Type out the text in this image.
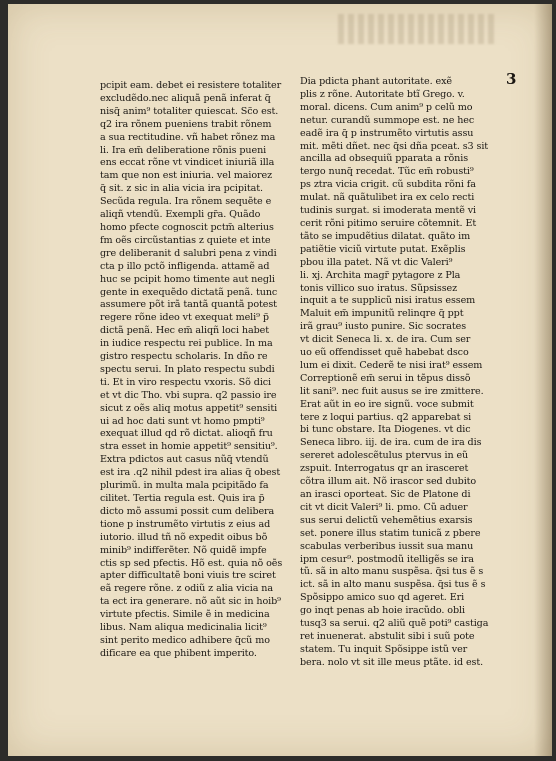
3
pcipit eam. debet ei resistere totaliter
excludẽdo.nec aliquã penã inferat q̃
nisq̃ anim⁹ totaliter quiescat. Sc̃o est.
q2 ira rõnem pueniens trabit rõnem
a sua rectitudine. vñ habet rõnez ma
li. Ira em̃ deliberatione rõnis pueni
ens eccat rõne vt vindicet iniuriã illa
tam que non est iniuria. vel maiorez
q̃ sit. z sic in alia vicia ira pcipitat.
Secũda regula. Ira rõnem sequẽte e
aliqñ vtendũ. Exempli gr̃a. Quãdo
homo pfecte cognoscit pctm̃ alterius
fm oẽs circũstantias z quiete et inte
gre deliberanit d salubri pena z vindi
cta p illo pctõ infligenda. attamẽ ad
huc se pcipit homo timente aut negli
gente in exequẽdo dictatã penã. tunc
assumere põt irã tantã quantã potest
regere rõne ideo vt exequat meli⁹ p̃
dictã penã. Hec em̃ aliqñ loci habet
in iudice respectu rei publice. In ma
gistro respectu scholaris. In dño re
spectu serui. In plato respectu subdi
ti. Et in viro respectu vxoris. Sõ dici
et vt dic Tho. vbi supra. q2 passio ire
sicut z oẽs aliq motus appetit⁹ sensiti
ui ad hoc dati sunt vt homo pmpti⁹
exequat illud qd rõ dictat. alioqñ fru
stra esset in homie appetit⁹ sensitiu⁹.
Extra pdictos aut casus nũq̃ vtendũ
est ira .q2 nihil pdest ira alias q̃ obest
plurimũ. in multa mala pcipitãdo fa
cilitet. Tertia regula est. Quis ira p̃
dicto mõ assumi possit cum delibera
tione p instrumẽto virtutis z eius ad
iutorio. illud tñ nõ expedit oibus bõ
minib⁹ indifferẽter. Nõ quidẽ impfe
ctis sp sed pfectis. Hõ est. quia nõ oẽs
apter difficultatẽ boni viuis tre sciret
eã regere rõne. z odiũ z alia vicia na
ta ect ira generare. nõ aũt sic in hoib⁹
virtute pfectis. Simile ẽ in medicina
libus. Nam aliqua medicinalia licit⁹
sint perito medico adhibere q̃cũ mo
dificare ea que phibent imperito.
Dia pdicta phant autoritate. exẽ
plis z rõne. Autoritate btĩ Grego. v.
moral. dicens. Cum anim⁹ p celũ mo
netur. curandũ summope est. ne hec
eadẽ ira q̃ p instrumẽto virtutis assu
mit. mẽti dñet. nec q̃si dña pceat. s3 sit
ancilla ad obsequiũ pparata a rõnis
tergo nunq̃ recedat. Tũc em̃ robusti⁹
ps ztra vicia crigit. cũ subdita rõni fa
mulat. nã quãtulibet ira ex celo recti
tudinis surgat. si imoderata mentẽ vi
cerit rõni pitimo seruire cõtemnit. Et
tãto se impudẽtius dilatat. quãto im
patiẽtie viciũ virtute putat. Exẽplis
pbou illa patet. Nã vt dic Valeri⁹
li. xj. Archita magr̃ pytagore z Pla
tonis villico suo iratus. Sũpsissez
inquit a te supplicũ nisi iratus essem
Maluit em̃ impunitũ relinqre q̃ ppt
irã grau⁹ iusto punire. Sic socrates
vt dicit Seneca li. x. de ira. Cum ser
uo eũ offendisset quẽ habebat dsco
lum ei dixit. Cederẽ te nisi irat⁹ essem
Correptionẽ em̃ serui in tẽpus dissõ
lit sani⁹. nec fuit ausus se ire zmittere.
Erat aũt in eo ire signũ. voce submit
tere z loqui partius. q2 apparebat si
bi tunc obstare. Ita Diogenes. vt dic
Seneca libro. iij. de ira. cum de ira dis
sereret adolescẽtulus ptervus in eũ
zspuit. Interrogatus qr an irasceret
cõtra illum ait. Nõ irascor sed dubito
an irasci oporteat. Sic de Platone di
cit vt dicit Valeri⁹ li. pmo. Cũ aduer
sus serui delictũ vehemẽtius exarsis
set. ponere illus statim tunicã z pbere
scabulas verberibus iussit sua manu
ipm cesur⁹. postmodũ itelligẽs se ira
tũ. sã in alto manu suspẽsa. q̃si tus ẽ s
ict. sã in alto manu suspẽsa. q̃si tus ẽ s
Spõsippo amico suo qd ageret. Eri
go inqt penas ab hoie iracũdo. obli
tusq3 sa serui. q2 aliũ quẽ poti⁹ castiga
ret inuenerat. abstulit sibi i suũ pote
statem. Tu inquit Spõsippe istũ ver
bera. nolo vt sit ille meus ptãte. id est.
